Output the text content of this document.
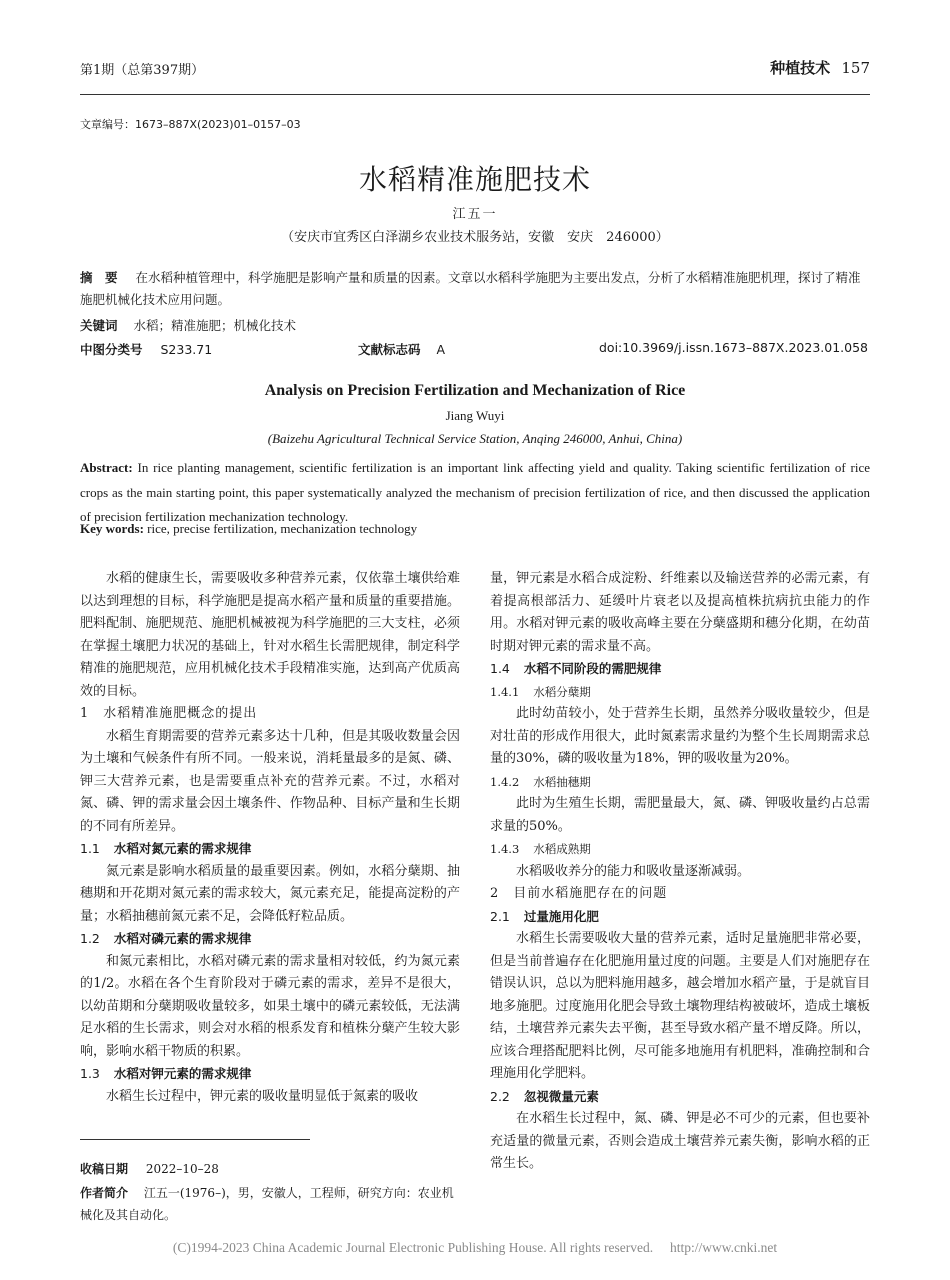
第1期（总第397期）	种植技术 157
文章编号：1673–887X(2023)01–0157–03
水稻精准施肥技术
江五一
（安庆市宜秀区白泽湖乡农业技术服务站，安徽　安庆　246000）
摘　要 在水稻种植管理中，科学施肥是影响产量和质量的因素。文章以水稻科学施肥为主要出发点，分析了水稻精准施肥机理，探讨了精准施肥机械化技术应用问题。
关键词 水稻；精准施肥；机械化技术
中图分类号 S233.71	文献标志码 A	doi:10.3969/j.issn.1673–887X.2023.01.058
Analysis on Precision Fertilization and Mechanization of Rice
Jiang Wuyi
(Baizehu Agricultural Technical Service Station, Anqing 246000, Anhui, China)
Abstract: In rice planting management, scientific fertilization is an important link affecting yield and quality. Taking scientific fertilization of rice crops as the main starting point, this paper systematically analyzed the mechanism of precision fertilization of rice, and then discussed the application of precision fertilization mechanization technology.
Key words: rice, precise fertilization, mechanization technology

水稻的健康生长，需要吸收多种营养元素，仅依靠土壤供给难以达到理想的目标，科学施肥是提高水稻产量和质量的重要措施。肥料配制、施肥规范、施肥机械被视为科学施肥的三大支柱，必须在掌握土壤肥力状况的基础上，针对水稻生长需肥规律，制定科学精准的施肥规范，应用机械化技术手段精准实施，达到高产优质高效的目标。

1 水稻精准施肥概念的提出

水稻生育期需要的营养元素多达十几种，但是其吸收数量会因为土壤和气候条件有所不同。一般来说，消耗量最多的是氮、磷、钾三大营养元素，也是需要重点补充的营养元素。不过，水稻对氮、磷、钾的需求量会因土壤条件、作物品种、目标产量和生长期的不同有所差异。

1.1 水稻对氮元素的需求规律

氮元素是影响水稻质量的最重要因素。例如，水稻分蘖期、抽穗期和开花期对氮元素的需求较大，氮元素充足，能提高淀粉的产量；水稻抽穗前氮元素不足，会降低籽粒品质。

1.2 水稻对磷元素的需求规律

和氮元素相比，水稻对磷元素的需求量相对较低，约为氮元素的1/2。水稻在各个生育阶段对于磷元素的需求，差异不是很大，以幼苗期和分蘖期吸收量较多，如果土壤中的磷元素较低，无法满足水稻的生长需求，则会对水稻的根系发育和植株分蘖产生较大影响，影响水稻干物质的积累。

1.3 水稻对钾元素的需求规律

水稻生长过程中，钾元素的吸收量明显低于氮素的吸收

量，钾元素是水稻合成淀粉、纤维素以及输送营养的必需元素，有着提高根部活力、延缓叶片衰老以及提高植株抗病抗虫能力的作用。水稻对钾元素的吸收高峰主要在分蘖盛期和穗分化期，在幼苗时期对钾元素的需求量不高。

1.4 水稻不同阶段的需肥规律
1.4.1 水稻分蘖期

此时幼苗较小，处于营养生长期，虽然养分吸收量较少，但是对壮苗的形成作用很大，此时氮素需求量约为整个生长周期需求总量的30%，磷的吸收量为18%，钾的吸收量为20%。

1.4.2 水稻抽穗期

此时为生殖生长期，需肥量最大，氮、磷、钾吸收量约占总需求量的50%。

1.4.3 水稻成熟期

水稻吸收养分的能力和吸收量逐渐减弱。

2 目前水稻施肥存在的问题
2.1 过量施用化肥

水稻生长需要吸收大量的营养元素，适时足量施肥非常必要，但是当前普遍存在化肥施用量过度的问题。主要是人们对施肥存在错误认识，总以为肥料施用越多，越会增加水稻产量，于是就盲目地多施肥。过度施用化肥会导致土壤物理结构被破坏，造成土壤板结，土壤营养元素失去平衡，甚至导致水稻产量不增反降。所以，应该合理搭配肥料比例，尽可能多地施用有机肥料，准确控制和合理施用化学肥料。

2.2 忽视微量元素

在水稻生长过程中，氮、磷、钾是必不可少的元素，但也要补充适量的微量元素，否则会造成土壤营养元素失衡，影响水稻的正常生长。

收稿日期 2022–10–28
作者简介 江五一(1976–)，男，安徽人，工程师，研究方向：农业机械化及其自动化。
(C)1994-2023 China Academic Journal Electronic Publishing House. All rights reserved.　 http://www.cnki.net
